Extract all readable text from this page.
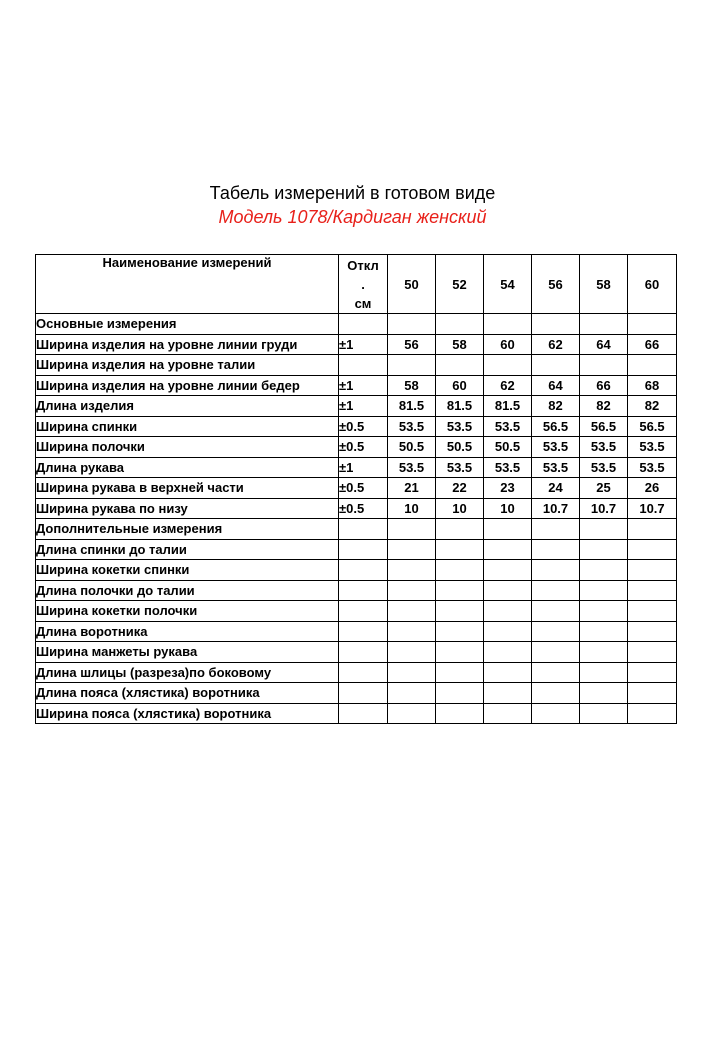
Табель измерений в готовом виде
Модель 1078/Кардиган женский
Наименование измерений	Откл
.
см	50	52	54	56	58	60
Основные измерения							
Ширина изделия на уровне линии груди	±1	56	58	60	62	64	66
Ширина изделия на уровне талии							
Ширина изделия на уровне линии бедер	±1	58	60	62	64	66	68
Длина изделия	±1	81.5	81.5	81.5	82	82	82
Ширина спинки	±0.5	53.5	53.5	53.5	56.5	56.5	56.5
Ширина полочки	±0.5	50.5	50.5	50.5	53.5	53.5	53.5
Длина рукава	±1	53.5	53.5	53.5	53.5	53.5	53.5
Ширина рукава в верхней части	±0.5	21	22	23	24	25	26
Ширина рукава по низу	±0.5	10	10	10	10.7	10.7	10.7
Дополнительные измерения							
Длина спинки до талии							
Ширина кокетки спинки							
Длина полочки до талии							
Ширина кокетки полочки							
Длина воротника							
Ширина манжеты рукава							
Длина шлицы (разреза)по боковому							
Длина пояса (хлястика) воротника							
Ширина пояса (хлястика) воротника							
